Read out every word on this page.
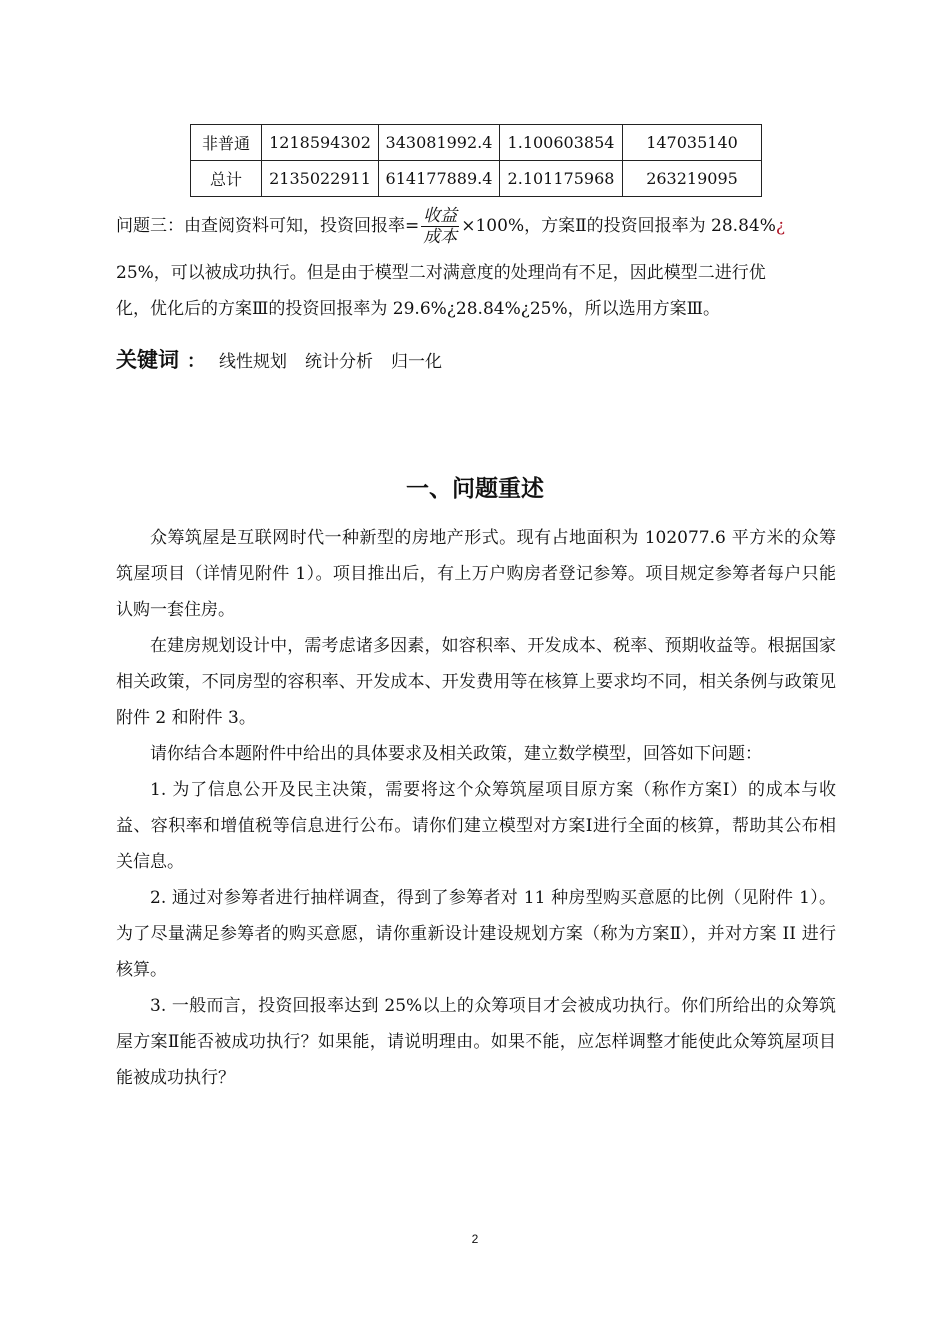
非普通	1218594302	343081992.4	1.100603854	147035140
总计	2135022911	614177889.4	2.101175968	263219095
问题三：由查阅资料可知，投资回报率= $\frac{\text{收益}}{\text{成本}} \times 100\%$，方案Ⅱ的投资回报率为 28.84%¿
25%，可以被成功执行。但是由于模型二对满意度的处理尚有不足，因此模型二进行优
化，优化后的方案Ⅲ的投资回报率为 29.6%¿28.84%¿25%，所以选用方案Ⅲ。
关键词 ： 线性规划 统计分析 归一化
一、问题重述
众筹筑屋是互联网时代一种新型的房地产形式。现有占地面积为 102077.6 平方米的众筹筑屋项目（详情见附件 1）。项目推出后，有上万户购房者登记参筹。项目规定参筹者每户只能认购一套住房。
在建房规划设计中，需考虑诸多因素，如容积率、开发成本、税率、预期收益等。根据国家相关政策，不同房型的容积率、开发成本、开发费用等在核算上要求均不同，相关条例与政策见附件 2 和附件 3。
请你结合本题附件中给出的具体要求及相关政策，建立数学模型，回答如下问题：
1. 为了信息公开及民主决策，需要将这个众筹筑屋项目原方案（称作方案Ⅰ）的成本与收益、容积率和增值税等信息进行公布。请你们建立模型对方案Ⅰ进行全面的核算，帮助其公布相关信息。
2. 通过对参筹者进行抽样调查，得到了参筹者对 11 种房型购买意愿的比例（见附件 1）。为了尽量满足参筹者的购买意愿，请你重新设计建设规划方案（称为方案Ⅱ），并对方案 II 进行核算。
3. 一般而言，投资回报率达到 25%以上的众筹项目才会被成功执行。你们所给出的众筹筑屋方案Ⅱ能否被成功执行？如果能，请说明理由。如果不能，应怎样调整才能使此众筹筑屋项目能被成功执行？
2
